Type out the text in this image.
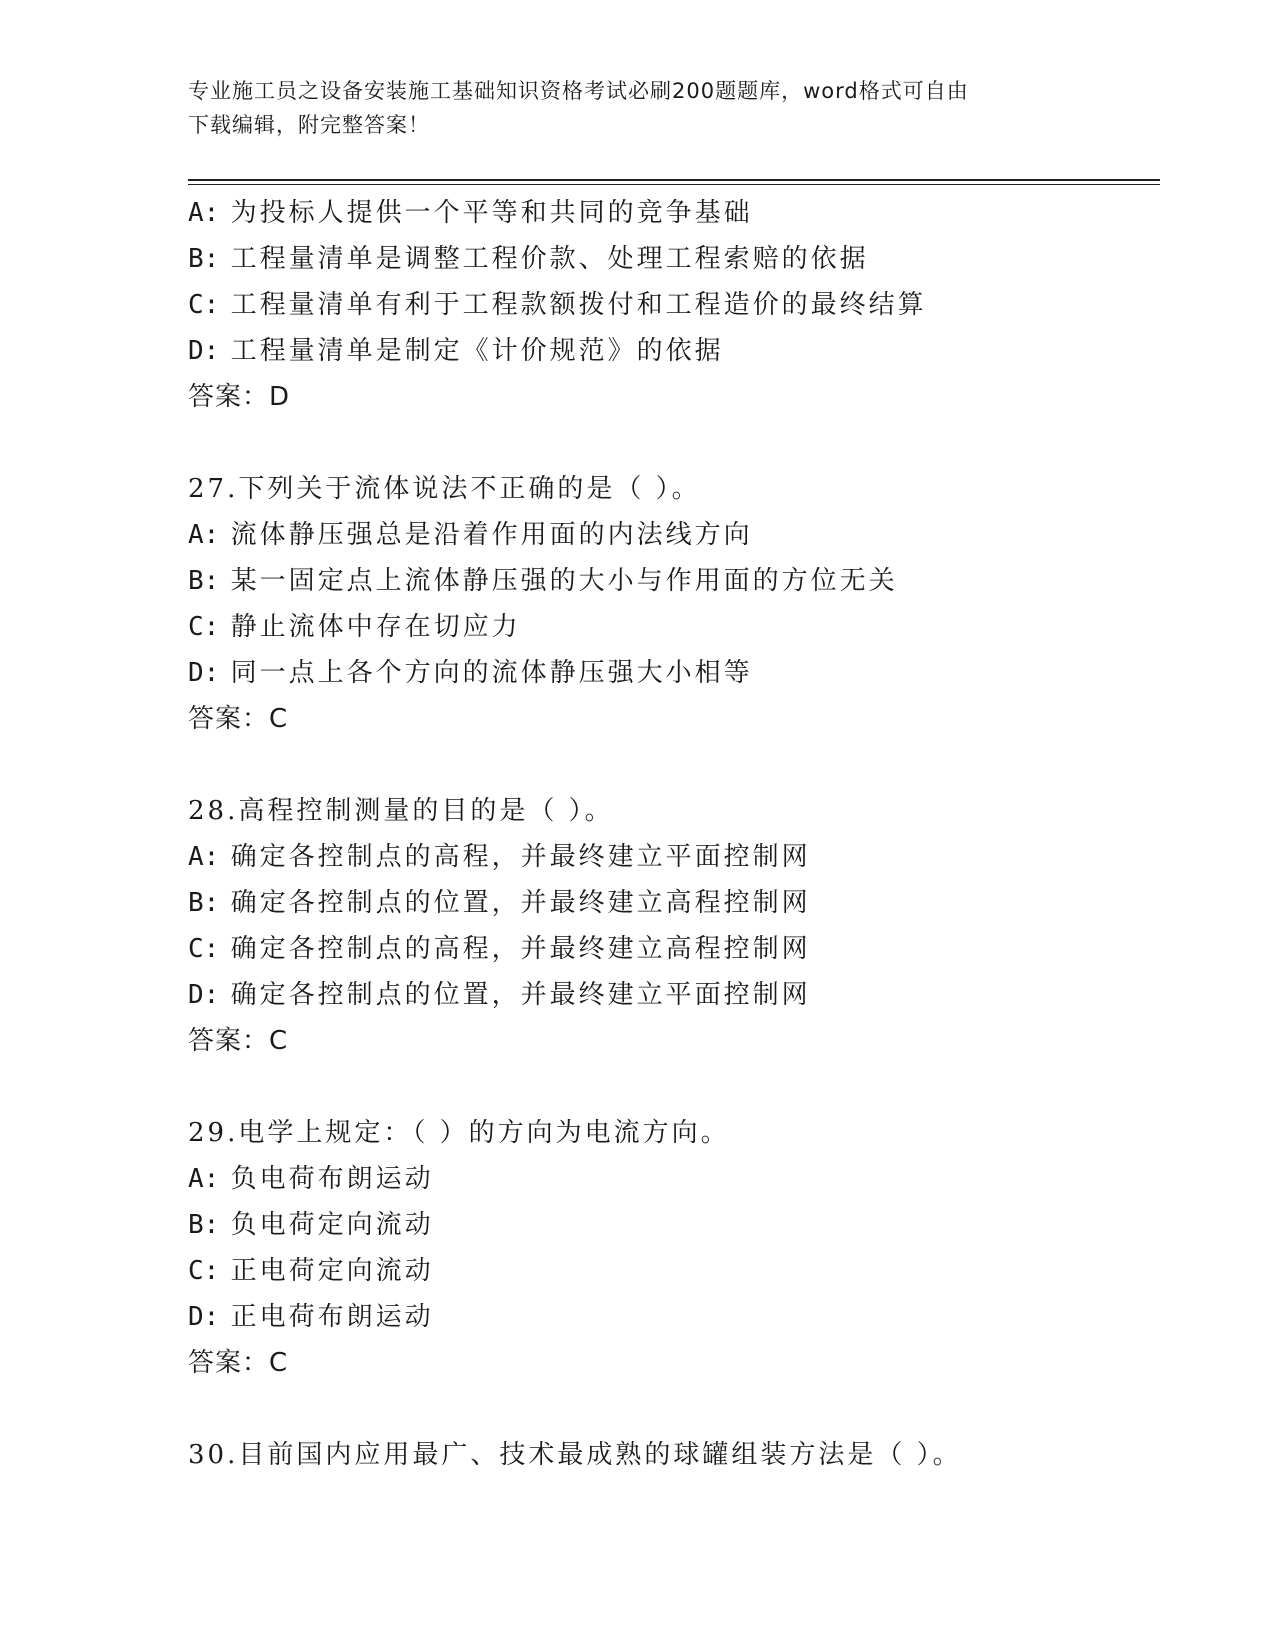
专业施工员之设备安装施工基础知识资格考试必刷200题题库，word格式可自由
下载编辑，附完整答案！
A: 为投标人提供一个平等和共同的竞争基础
B: 工程量清单是调整工程价款、处理工程索赔的依据
C: 工程量清单有利于工程款额拨付和工程造价的最终结算
D: 工程量清单是制定《计价规范》的依据
答案：D
27.下列关于流体说法不正确的是（ ）。
A: 流体静压强总是沿着作用面的内法线方向
B: 某一固定点上流体静压强的大小与作用面的方位无关
C: 静止流体中存在切应力
D: 同一点上各个方向的流体静压强大小相等
答案：C
28.高程控制测量的目的是（ ）。
A: 确定各控制点的高程，并最终建立平面控制网
B: 确定各控制点的位置，并最终建立高程控制网
C: 确定各控制点的高程，并最终建立高程控制网
D: 确定各控制点的位置，并最终建立平面控制网
答案：C
29.电学上规定：（ ）的方向为电流方向。
A: 负电荷布朗运动
B: 负电荷定向流动
C: 正电荷定向流动
D: 正电荷布朗运动
答案：C
30.目前国内应用最广、技术最成熟的球罐组装方法是（ ）。
